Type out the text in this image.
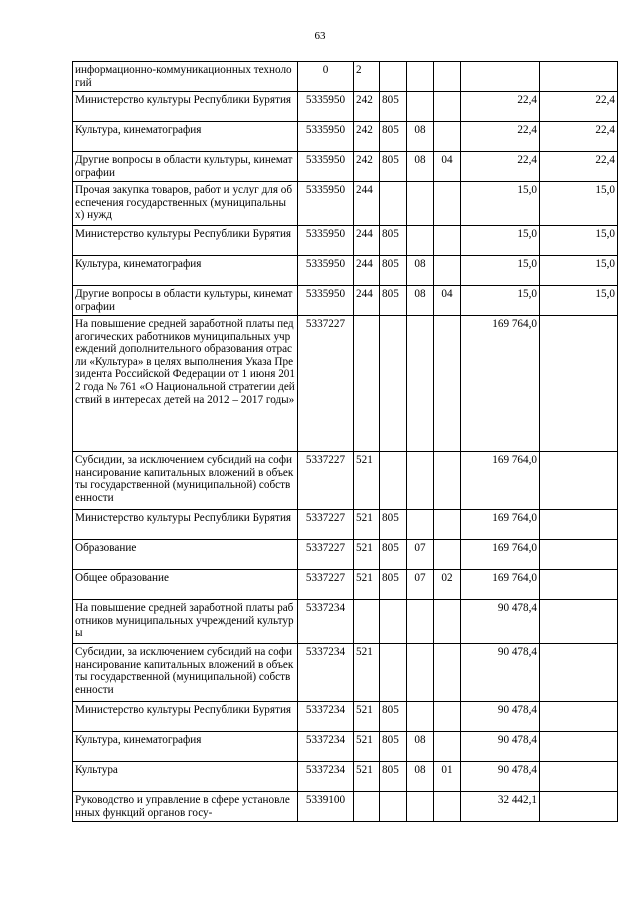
63
информационно-коммуникационных технологий	0	2					
Министерство культуры Республики Бурятия	5335950	242	805			22,4	22,4
Культура, кинематография	5335950	242	805	08		22,4	22,4
Другие вопросы в области культуры, кинематографии	5335950	242	805	08	04	22,4	22,4
Прочая закупка товаров, работ и услуг для обеспечения государственных (муниципальных) нужд	5335950	244				15,0	15,0
Министерство культуры Республики Бурятия	5335950	244	805			15,0	15,0
Культура, кинематография	5335950	244	805	08		15,0	15,0
Другие вопросы в области культуры, кинематографии	5335950	244	805	08	04	15,0	15,0
На повышение средней заработной платы педагогических работников муниципальных учреждений дополнительного образования отрасли «Культура» в целях выполнения Указа Президента Российской Федерации от 1 июня 2012 года № 761 «О Национальной стратегии действий в интересах детей на 2012 – 2017 годы»	5337227					169 764,0	
Субсидии, за исключением субсидий на софинансирование капитальных вложений в объекты государственной (муниципальной) собственности	5337227	521				169 764,0	
Министерство культуры Республики Бурятия	5337227	521	805			169 764,0	
Образование	5337227	521	805	07		169 764,0	
Общее образование	5337227	521	805	07	02	169 764,0	
На повышение средней заработной платы работников муниципальных учреждений культуры	5337234					90 478,4	
Субсидии, за исключением субсидий на софинансирование капитальных вложений в объекты государственной (муниципальной) собственности	5337234	521				90 478,4	
Министерство культуры Республики Бурятия	5337234	521	805			90 478,4	
Культура, кинематография	5337234	521	805	08		90 478,4	
Культура	5337234	521	805	08	01	90 478,4	
Руководство и управление в сфере установленных функций органов госу-	5339100					32 442,1	
